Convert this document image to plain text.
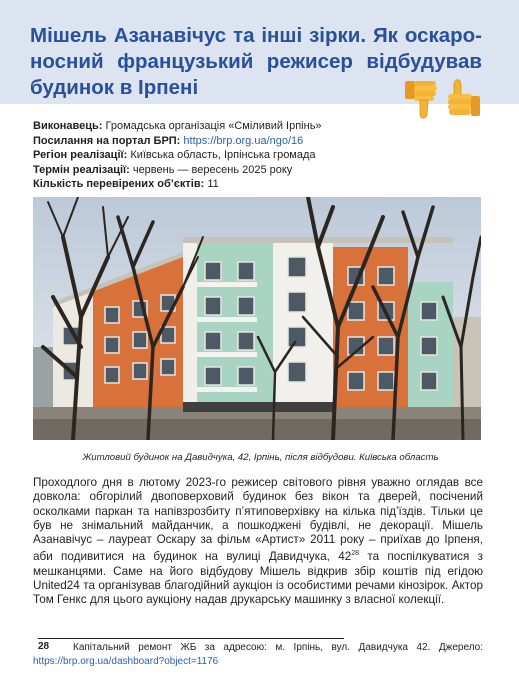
Мішель Азанавічус та інші зірки. Як оскаро-
носний французький режисер відбудував
будинок в Ірпені
Виконавець: Громадська організація «Сміливий Ірпінь»
Посилання на портал БРП: https://brp.org.ua/ngo/16
Регіон реалізації: Київська область, Ірпінська громада
Термін реалізації: червень — вересень 2025 року
Кількість перевірених об’єктів: 11
Житловий будинок на Давидчука, 42, Ірпінь, після відбудови. Київська область

Проходлого дня в лютому 2023-го режисер світового рівня уважно оглядав все довкола: обгорілий двоповерховий будинок без вікон та дверей, посічений осколками паркан та напівзрозбиту п’ятиповерхівку на кілька під’їздів. Тільки це був не знімальний майданчик, а пошкоджені будівлі, не декорації. Мішель Азанавічус – лауреат Оскару за фільм «Артист» 2011 року – приїхав до Ірпеня, аби подивитися на будинок на вулиці Давидчука, $42^{28}$ та поспілкуватися з мешканцями. Саме на його відбудову Мішель відкрив збір коштів під егідою United24 та організував благодійний аукціон із особистими речами кінозірок. Актор Том Генкс для цього аукціону надав друкарську машинку з власної колекції.

28	Капітальний ремонт ЖБ за адресою: м. Ірпінь, вул. Давидчука 42. Джерело: https://brp.org.ua/dashboard?object=1176
